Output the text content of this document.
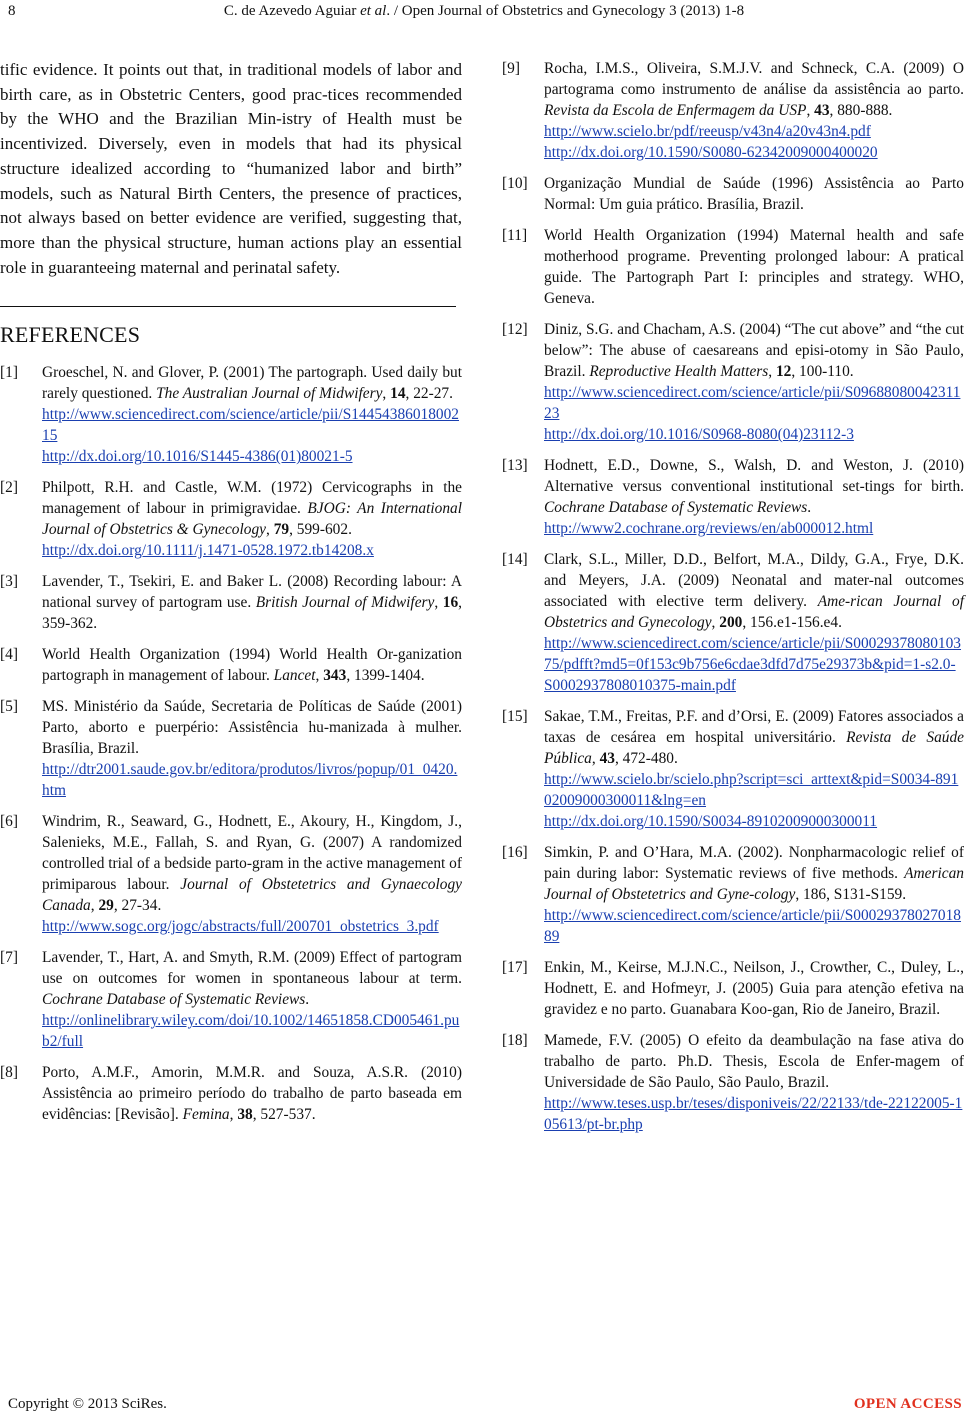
8	C. de Azevedo Aguiar et al. / Open Journal of Obstetrics and Gynecology 3 (2013) 1-8

tific evidence. It points out that, in traditional models of labor and birth care, as in Obstetric Centers, good prac-tices recommended by the WHO and the Brazilian Min-istry of Health must be incentivized. Diversely, even in models that had its physical structure idealized according to “humanized labor and birth” models, such as Natural Birth Centers, the presence of practices, not always based on better evidence are verified, suggesting that, more than the physical structure, human actions play an essential role in guaranteeing maternal and perinatal safety.

REFERENCES
[1]	Groeschel, N. and Glover, P. (2001) The partograph. Used daily but rarely questioned. The Australian Journal of Midwifery, 14, 22-27.
http://www.sciencedirect.com/science/article/pii/S1445438601800215
http://dx.doi.org/10.1016/S1445-4386(01)80021-5
[2]	Philpott, R.H. and Castle, W.M. (1972) Cervicographs in the management of labour in primigravidae. BJOG: An International Journal of Obstetrics & Gynecology, 79, 599-602.
http://dx.doi.org/10.1111/j.1471-0528.1972.tb14208.x
[3]	Lavender, T., Tsekiri, E. and Baker L. (2008) Recording labour: A national survey of partogram use. British Journal of Midwifery, 16, 359-362.
[4]	World Health Organization (1994) World Health Or-ganization partograph in management of labour. Lancet, 343, 1399-1404.
[5]	MS. Ministério da Saúde, Secretaria de Políticas de Saúde (2001) Parto, aborto e puerpério: Assistência hu-manizada à mulher. Brasília, Brazil.
http://dtr2001.saude.gov.br/editora/produtos/livros/popup/01_0420.htm
[6]	Windrim, R., Seaward, G., Hodnett, E., Akoury, H., Kingdom, J., Salenieks, M.E., Fallah, S. and Ryan, G. (2007) A randomized controlled trial of a bedside parto-gram in the active management of primiparous labour. Journal of Obstetetrics and Gynaecology Canada, 29, 27-34.
http://www.sogc.org/jogc/abstracts/full/200701_obstetrics_3.pdf
[7]	Lavender, T., Hart, A. and Smyth, R.M. (2009) Effect of partogram use on outcomes for women in spontaneous labour at term. Cochrane Database of Systematic Reviews.
http://onlinelibrary.wiley.com/doi/10.1002/14651858.CD005461.pub2/full
[8]	Porto, A.M.F., Amorin, M.M.R. and Souza, A.S.R. (2010) Assistência ao primeiro período do trabalho de parto baseada em evidências: [Revisão]. Femina, 38, 527-537.
[9]	Rocha, I.M.S., Oliveira, S.M.J.V. and Schneck, C.A. (2009) O partograma como instrumento de análise da assistência ao parto. Revista da Escola de Enfermagem da USP, 43, 880-888.
http://www.scielo.br/pdf/reeusp/v43n4/a20v43n4.pdf
http://dx.doi.org/10.1590/S0080-62342009000400020
[10]	Organização Mundial de Saúde (1996) Assistência ao Parto Normal: Um guia prático. Brasília, Brazil.
[11]	World Health Organization (1994) Maternal health and safe motherhood programe. Preventing prolonged labour: A pratical guide. The Partograph Part I: principles and strategy. WHO, Geneva.
[12]	Diniz, S.G. and Chacham, A.S. (2004) “The cut above” and “the cut below”: The abuse of caesareans and episi-otomy in São Paulo, Brazil. Reproductive Health Matters, 12, 100-110.
http://www.sciencedirect.com/science/article/pii/S0968808004231123
http://dx.doi.org/10.1016/S0968-8080(04)23112-3
[13]	Hodnett, E.D., Downe, S., Walsh, D. and Weston, J. (2010) Alternative versus conventional institutional set-tings for birth. Cochrane Database of Systematic Reviews.
http://www2.cochrane.org/reviews/en/ab000012.html
[14]	Clark, S.L., Miller, D.D., Belfort, M.A., Dildy, G.A., Frye, D.K. and Meyers, J.A. (2009) Neonatal and mater-nal outcomes associated with elective term delivery. Ame-rican Journal of Obstetrics and Gynecology, 200, 156.e1-156.e4.
http://www.sciencedirect.com/science/article/pii/S0002937808010375/pdfft?md5=0f153c9b756e6cdae3dfd7d75e29373b&pid=1-s2.0-S0002937808010375-main.pdf
[15]	Sakae, T.M., Freitas, P.F. and d’Orsi, E. (2009) Fatores associados a taxas de cesárea em hospital universitário. Revista de Saúde Pública, 43, 472-480.
http://www.scielo.br/scielo.php?script=sci_arttext&pid=S0034-89102009000300011&lng=en
http://dx.doi.org/10.1590/S0034-89102009000300011
[16]	Simkin, P. and O’Hara, M.A. (2002). Nonpharmacologic relief of pain during labor: Systematic reviews of five methods. American Journal of Obstetetrics and Gyne-cology, 186, S131-S159.
http://www.sciencedirect.com/science/article/pii/S0002937802701889
[17]	Enkin, M., Keirse, M.J.N.C., Neilson, J., Crowther, C., Duley, L., Hodnett, E. and Hofmeyr, J. (2005) Guia para atenção efetiva na gravidez e no parto. Guanabara Koo-gan, Rio de Janeiro, Brazil.
[18]	Mamede, F.V. (2005) O efeito da deambulação na fase ativa do trabalho de parto. Ph.D. Thesis, Escola de Enfer-magem of Universidade de São Paulo, São Paulo, Brazil.
http://www.teses.usp.br/teses/disponiveis/22/22133/tde-22122005-105613/pt-br.php
Copyright © 2013 SciRes.	OPEN ACCESS
